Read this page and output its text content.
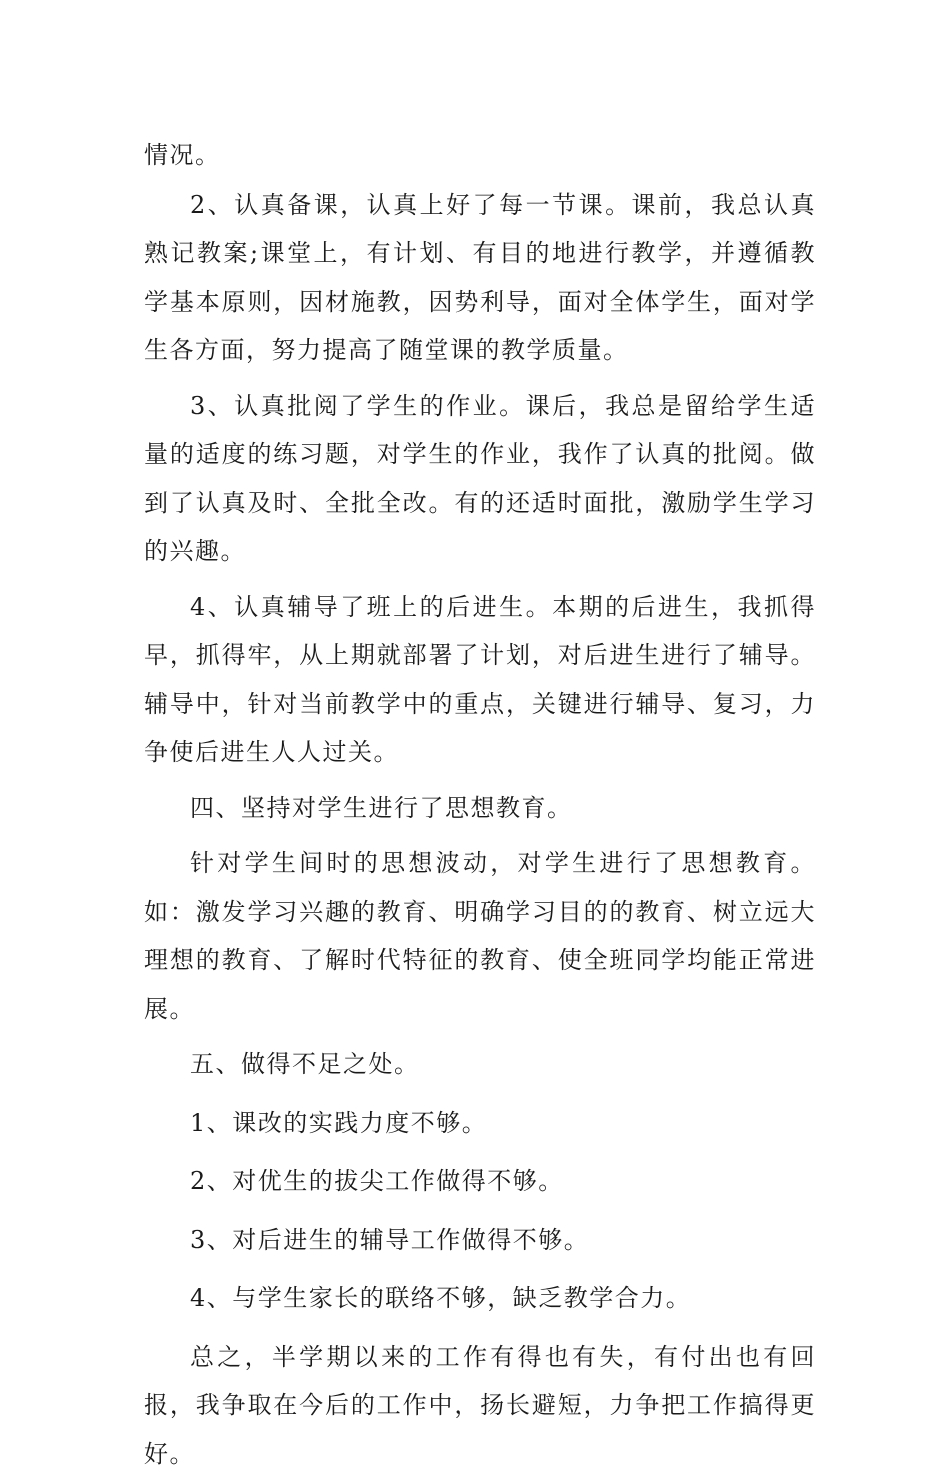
情况。

2、认真备课，认真上好了每一节课。课前，我总认真熟记教案;课堂上，有计划、有目的地进行教学，并遵循教学基本原则，因材施教，因势利导，面对全体学生，面对学生各方面，努力提高了随堂课的教学质量。

3、认真批阅了学生的作业。课后，我总是留给学生适量的适度的练习题，对学生的作业，我作了认真的批阅。做到了认真及时、全批全改。有的还适时面批，激励学生学习的兴趣。

4、认真辅导了班上的后进生。本期的后进生，我抓得早，抓得牢，从上期就部署了计划，对后进生进行了辅导。辅导中，针对当前教学中的重点，关键进行辅导、复习，力争使后进生人人过关。

四、坚持对学生进行了思想教育。

针对学生间时的思想波动，对学生进行了思想教育。如：激发学习兴趣的教育、明确学习目的的教育、树立远大理想的教育、了解时代特征的教育、使全班同学均能正常进展。

五、做得不足之处。

1、课改的实践力度不够。

2、对优生的拔尖工作做得不够。

3、对后进生的辅导工作做得不够。

4、与学生家长的联络不够，缺乏教学合力。

总之，半学期以来的工作有得也有失，有付出也有回报，我争取在今后的工作中，扬长避短，力争把工作搞得更好。
